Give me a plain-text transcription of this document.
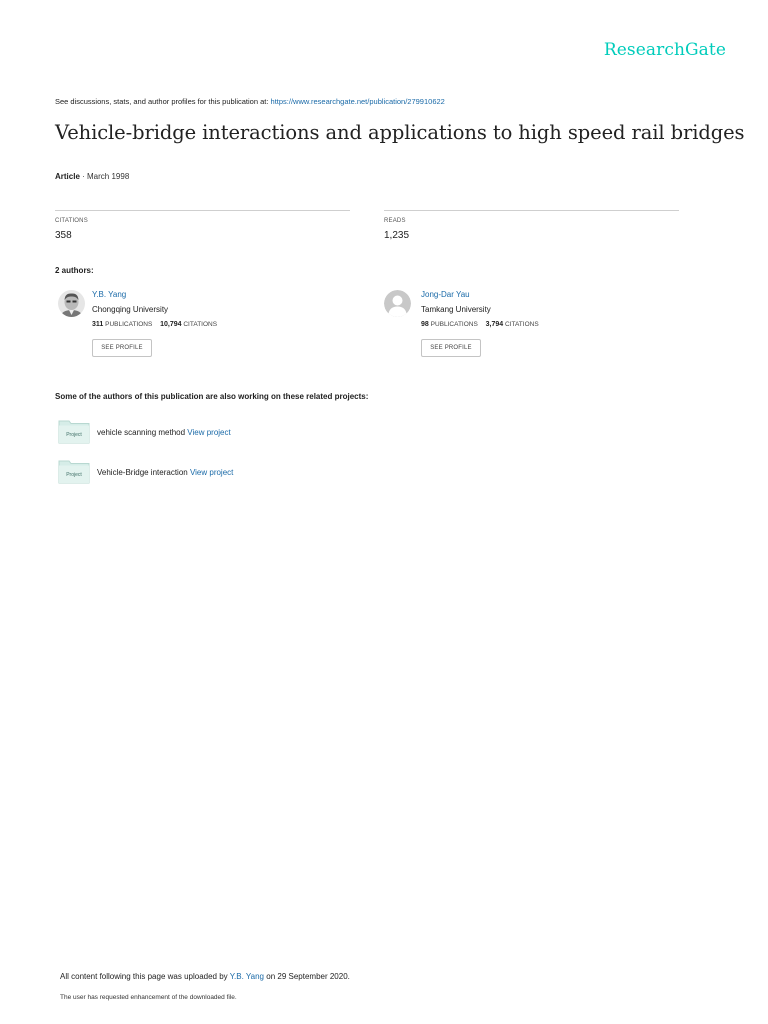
ResearchGate
See discussions, stats, and author profiles for this publication at: https://www.researchgate.net/publication/279910622
Vehicle-bridge interactions and applications to high speed rail bridges
Article · March 1998
CITATIONS
358
READS
1,235
2 authors:
Y.B. Yang
Chongqing University
311 PUBLICATIONS 10,794 CITATIONS
SEE PROFILE
Jong-Dar Yau
Tamkang University
98 PUBLICATIONS 3,794 CITATIONS
SEE PROFILE
Some of the authors of this publication are also working on these related projects:
Project vehicle scanning method View project
Project Vehicle-Bridge interaction View project
All content following this page was uploaded by Y.B. Yang on 29 September 2020.
The user has requested enhancement of the downloaded file.
